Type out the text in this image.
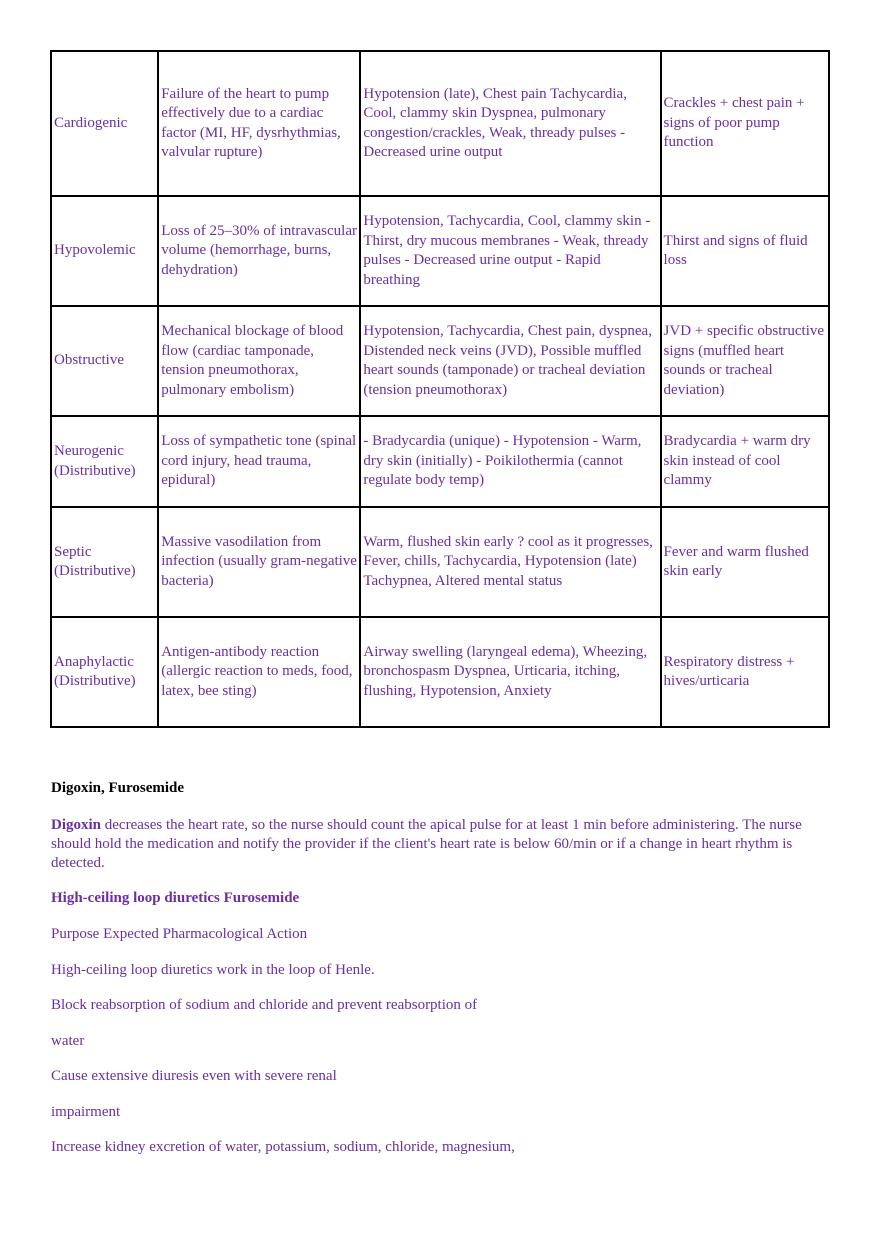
Cardiogenic	Failure of the heart to pump effectively due to a cardiac factor (MI, HF, dysrhythmias, valvular rupture)	Hypotension (late), Chest pain Tachycardia, Cool, clammy skin Dyspnea, pulmonary congestion/crackles, Weak, thready pulses - Decreased urine output	Crackles + chest pain + signs of poor pump function
Hypovolemic	Loss of 25–30% of intravascular volume (hemorrhage, burns, dehydration)	Hypotension, Tachycardia, Cool, clammy skin - Thirst, dry mucous membranes - Weak, thready pulses - Decreased urine output - Rapid breathing	Thirst and signs of fluid loss
Obstructive	Mechanical blockage of blood flow (cardiac tamponade, tension pneumothorax, pulmonary embolism)	Hypotension, Tachycardia, Chest pain, dyspnea, Distended neck veins (JVD), Possible muffled heart sounds (tamponade) or tracheal deviation (tension pneumothorax)	JVD + specific obstructive signs (muffled heart sounds or tracheal deviation)
Neurogenic (Distributive)	Loss of sympathetic tone (spinal cord injury, head trauma, epidural)	- Bradycardia (unique) - Hypotension - Warm, dry skin (initially) - Poikilothermia (cannot regulate body temp)	Bradycardia + warm dry skin instead of cool clammy
Septic (Distributive)	Massive vasodilation from infection (usually gram-negative bacteria)	Warm, flushed skin early ? cool as it progresses, Fever, chills, Tachycardia, Hypotension (late) Tachypnea, Altered mental status	Fever and warm flushed skin early
Anaphylactic (Distributive)	Antigen-antibody reaction (allergic reaction to meds, food, latex, bee sting)	Airway swelling (laryngeal edema), Wheezing, bronchospasm Dyspnea, Urticaria, itching, flushing, Hypotension, Anxiety	Respiratory distress + hives/urticaria
Digoxin, Furosemide
Digoxin decreases the heart rate, so the nurse should count the apical pulse for at least 1 min before administering. The nurse should hold the medication and notify the provider if the client's heart rate is below 60/min or if a change in heart rhythm is detected.
High-ceiling loop diuretics Furosemide
Purpose Expected Pharmacological Action
High-ceiling loop diuretics work in the loop of Henle.
Block reabsorption of sodium and chloride and prevent reabsorption of
water
Cause extensive diuresis even with severe renal
impairment
Increase kidney excretion of water, potassium, sodium, chloride, magnesium,
